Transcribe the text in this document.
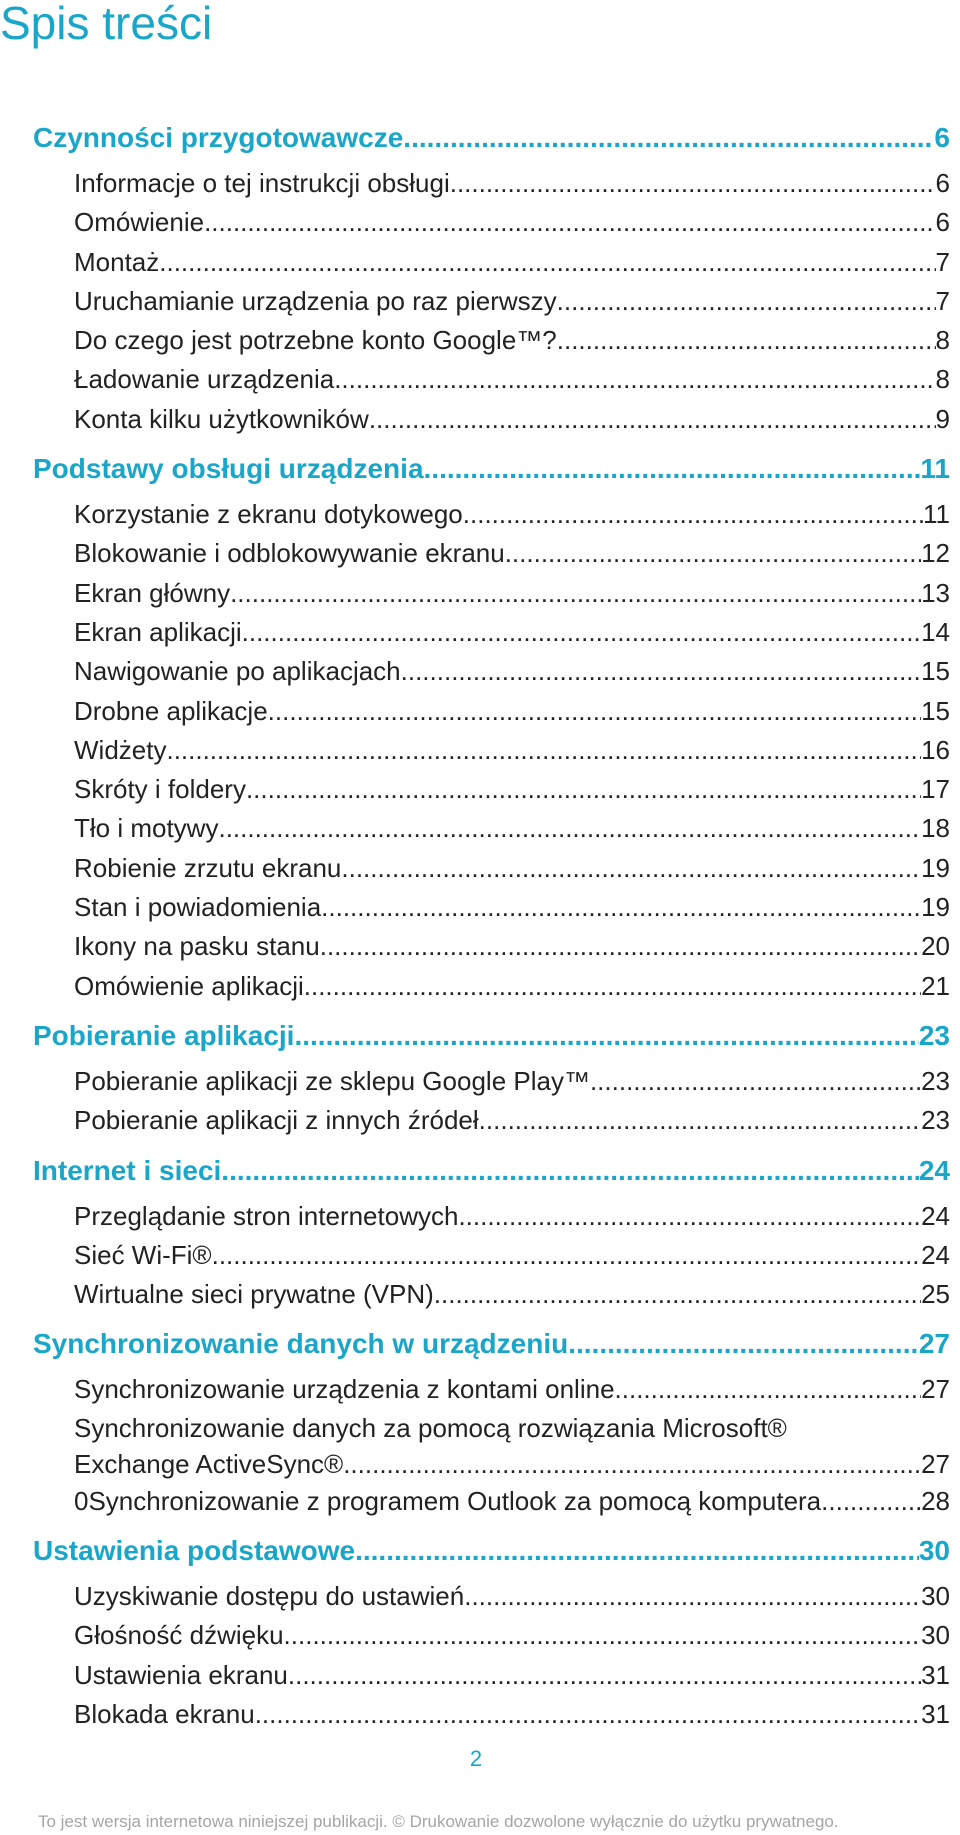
Spis treści
Czynności przygotowawcze .....	6
Informacje o tej instrukcji obsługi .....	6
Omówienie .....	6
Montaż .....	7
Uruchamianie urządzenia po raz pierwszy .....	7
Do czego jest potrzebne konto Google™? .....	8
Ładowanie urządzenia .....	8
Konta kilku użytkowników .....	9
Podstawy obsługi urządzenia .....	11
Korzystanie z ekranu dotykowego .....	11
Blokowanie i odblokowywanie ekranu .....	12
Ekran główny .....	13
Ekran aplikacji .....	14
Nawigowanie po aplikacjach .....	15
Drobne aplikacje .....	15
Widżety .....	16
Skróty i foldery .....	17
Tło i motywy .....	18
Robienie zrzutu ekranu .....	19
Stan i powiadomienia .....	19
Ikony na pasku stanu .....	20
Omówienie aplikacji .....	21
Pobieranie aplikacji .....	23
Pobieranie aplikacji ze sklepu Google Play™ .....	23
Pobieranie aplikacji z innych źródeł .....	23
Internet i sieci .....	24
Przeglądanie stron internetowych .....	24
Sieć Wi-Fi® .....	24
Wirtualne sieci prywatne (VPN) .....	25
Synchronizowanie danych w urządzeniu .....	27
Synchronizowanie urządzenia z kontami online .....	27
Synchronizowanie danych za pomocą rozwiązania Microsoft®
Exchange ActiveSync® .....	27
0Synchronizowanie z programem Outlook za pomocą komputera .....	28
Ustawienia podstawowe .....	30
Uzyskiwanie dostępu do ustawień .....	30
Głośność dźwięku .....	30
Ustawienia ekranu .....	31
Blokada ekranu .....	31
2
To jest wersja internetowa niniejszej publikacji. © Drukowanie dozwolone wyłącznie do użytku prywatnego.
